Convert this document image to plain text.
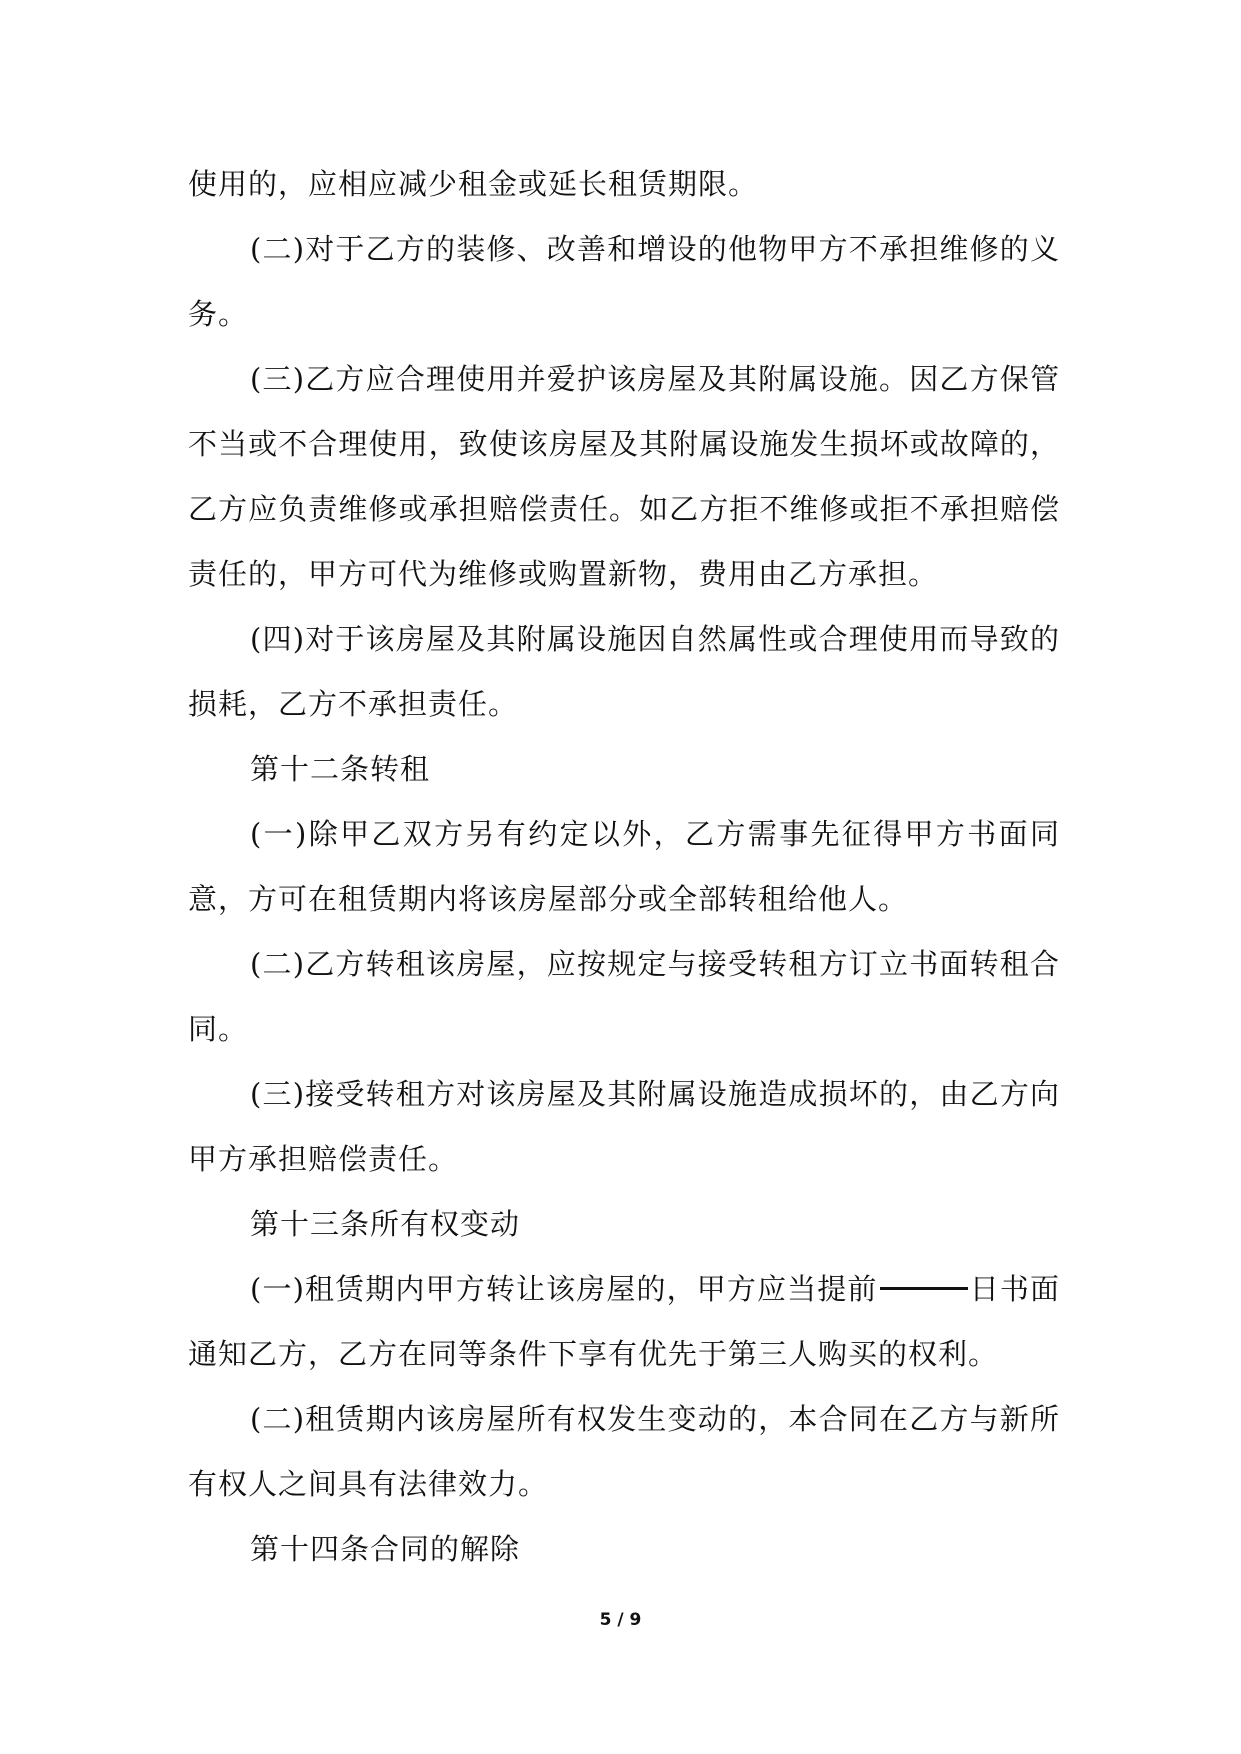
使用的，应相应减少租金或延长租赁期限。

(二)对于乙方的装修、改善和增设的他物甲方不承担维修的义务。

(三)乙方应合理使用并爱护该房屋及其附属设施。因乙方保管不当或不合理使用，致使该房屋及其附属设施发生损坏或故障的，乙方应负责维修或承担赔偿责任。如乙方拒不维修或拒不承担赔偿责任的，甲方可代为维修或购置新物，费用由乙方承担。

(四)对于该房屋及其附属设施因自然属性或合理使用而导致的损耗，乙方不承担责任。

第十二条转租

(一)除甲乙双方另有约定以外，乙方需事先征得甲方书面同意，方可在租赁期内将该房屋部分或全部转租给他人。

(二)乙方转租该房屋，应按规定与接受转租方订立书面转租合同。

(三)接受转租方对该房屋及其附属设施造成损坏的，由乙方向甲方承担赔偿责任。

第十三条所有权变动

(一)租赁期内甲方转让该房屋的，甲方应当提前	日书面通知乙方，乙方在同等条件下享有优先于第三人购买的权利。

(二)租赁期内该房屋所有权发生变动的，本合同在乙方与新所有权人之间具有法律效力。

第十四条合同的解除

5 / 9
